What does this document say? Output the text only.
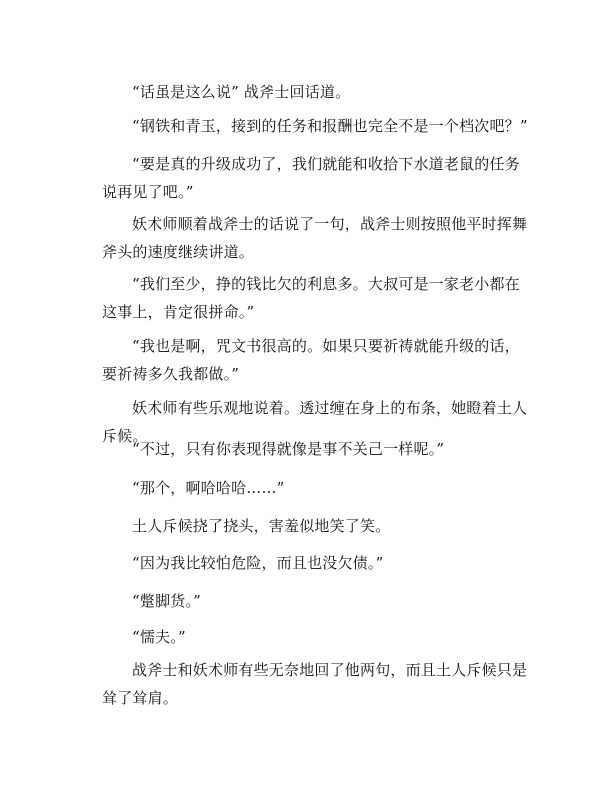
“话虽是这么说” 战斧士回话道。

“钢铁和青玉，接到的任务和报酬也完全不是一个档次吧？”

“要是真的升级成功了，我们就能和收拾下水道老鼠的任务说再见了吧。”

妖术师顺着战斧士的话说了一句，战斧士则按照他平时挥舞斧头的速度继续讲道。

“我们至少，挣的钱比欠的利息多。大叔可是一家老小都在这事上，肯定很拼命。”

“我也是啊，咒文书很高的。如果只要祈祷就能升级的话，要祈祷多久我都做。”

妖术师有些乐观地说着。透过缠在身上的布条，她瞪着土人斥候。

“不过，只有你表现得就像是事不关己一样呢。”

“那个，啊哈哈哈……”

土人斥候挠了挠头，害羞似地笑了笑。

“因为我比较怕危险，而且也没欠债。”

“蹩脚货。”

“懦夫。”

战斧士和妖术师有些无奈地回了他两句，而且土人斥候只是耸了耸肩。
